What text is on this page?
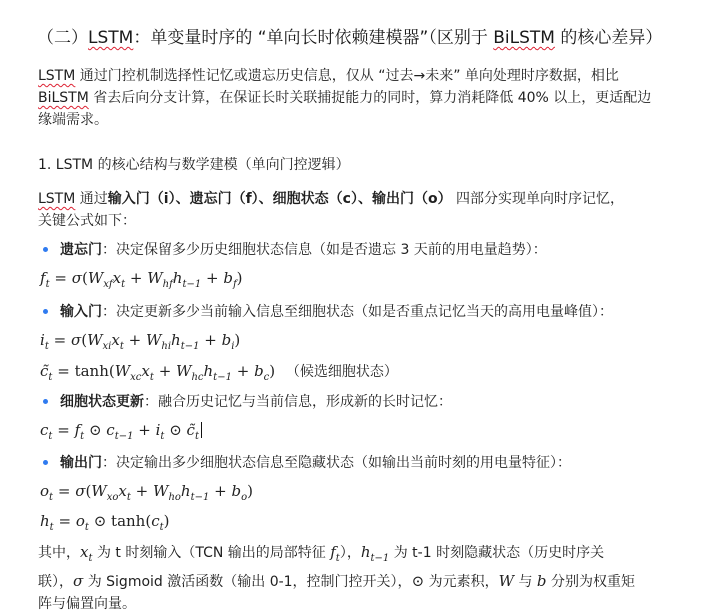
（二）LSTM：单变量时序的 “单向长时依赖建模器”（区别于 BiLSTM 的核心差异）
LSTM 通过门控机制选择性记忆或遗忘历史信息，仅从 “过去→未来” 单向处理时序数据，相比
BiLSTM 省去后向分支计算，在保证长时关联捕捉能力的同时，算力消耗降低 40% 以上，更适配边
缘端需求。
1. LSTM 的核心结构与数学建模（单向门控逻辑）
LSTM 通过输入门（i）、遗忘门（f）、细胞状态（c）、输出门（o） 四部分实现单向时序记忆，
关键公式如下：
遗忘门：决定保留多少历史细胞状态信息（如是否遗忘 3 天前的用电量趋势）：
$f_t = \sigma(W_{xf}x_t + W_{hf}h_{t-1} + b_f)$
输入门：决定更新多少当前输入信息至细胞状态（如是否重点记忆当天的高用电量峰值）：
$i_t = \sigma(W_{xi}x_t + W_{hi}h_{t-1} + b_i)$
$c̃_t = \tanh(W_{xc}x_t + W_{hc}h_{t-1} + b_c)$ （候选细胞状态）
细胞状态更新：融合历史记忆与当前信息，形成新的长时记忆：
$c_t = f_t$ ⊙ $c_{t-1} + i_t$ ⊙ $c̃_t$
输出门：决定输出多少细胞状态信息至隐藏状态（如输出当前时刻的用电量特征）：
$o_t = \sigma(W_{xo}x_t + W_{ho}h_{t-1} + b_o)$
$h_t = o_t$ ⊙ $\tanh(c_t)$
其中，$x_t$ 为 t 时刻输入（TCN 输出的局部特征 $f_t$），$h_{t-1}$ 为 t-1 时刻隐藏状态（历史时序关
联），σ 为 Sigmoid 激活函数（输出 0-1，控制门控开关），⊙ 为元素积，W 与 b 分别为权重矩
阵与偏置向量。
